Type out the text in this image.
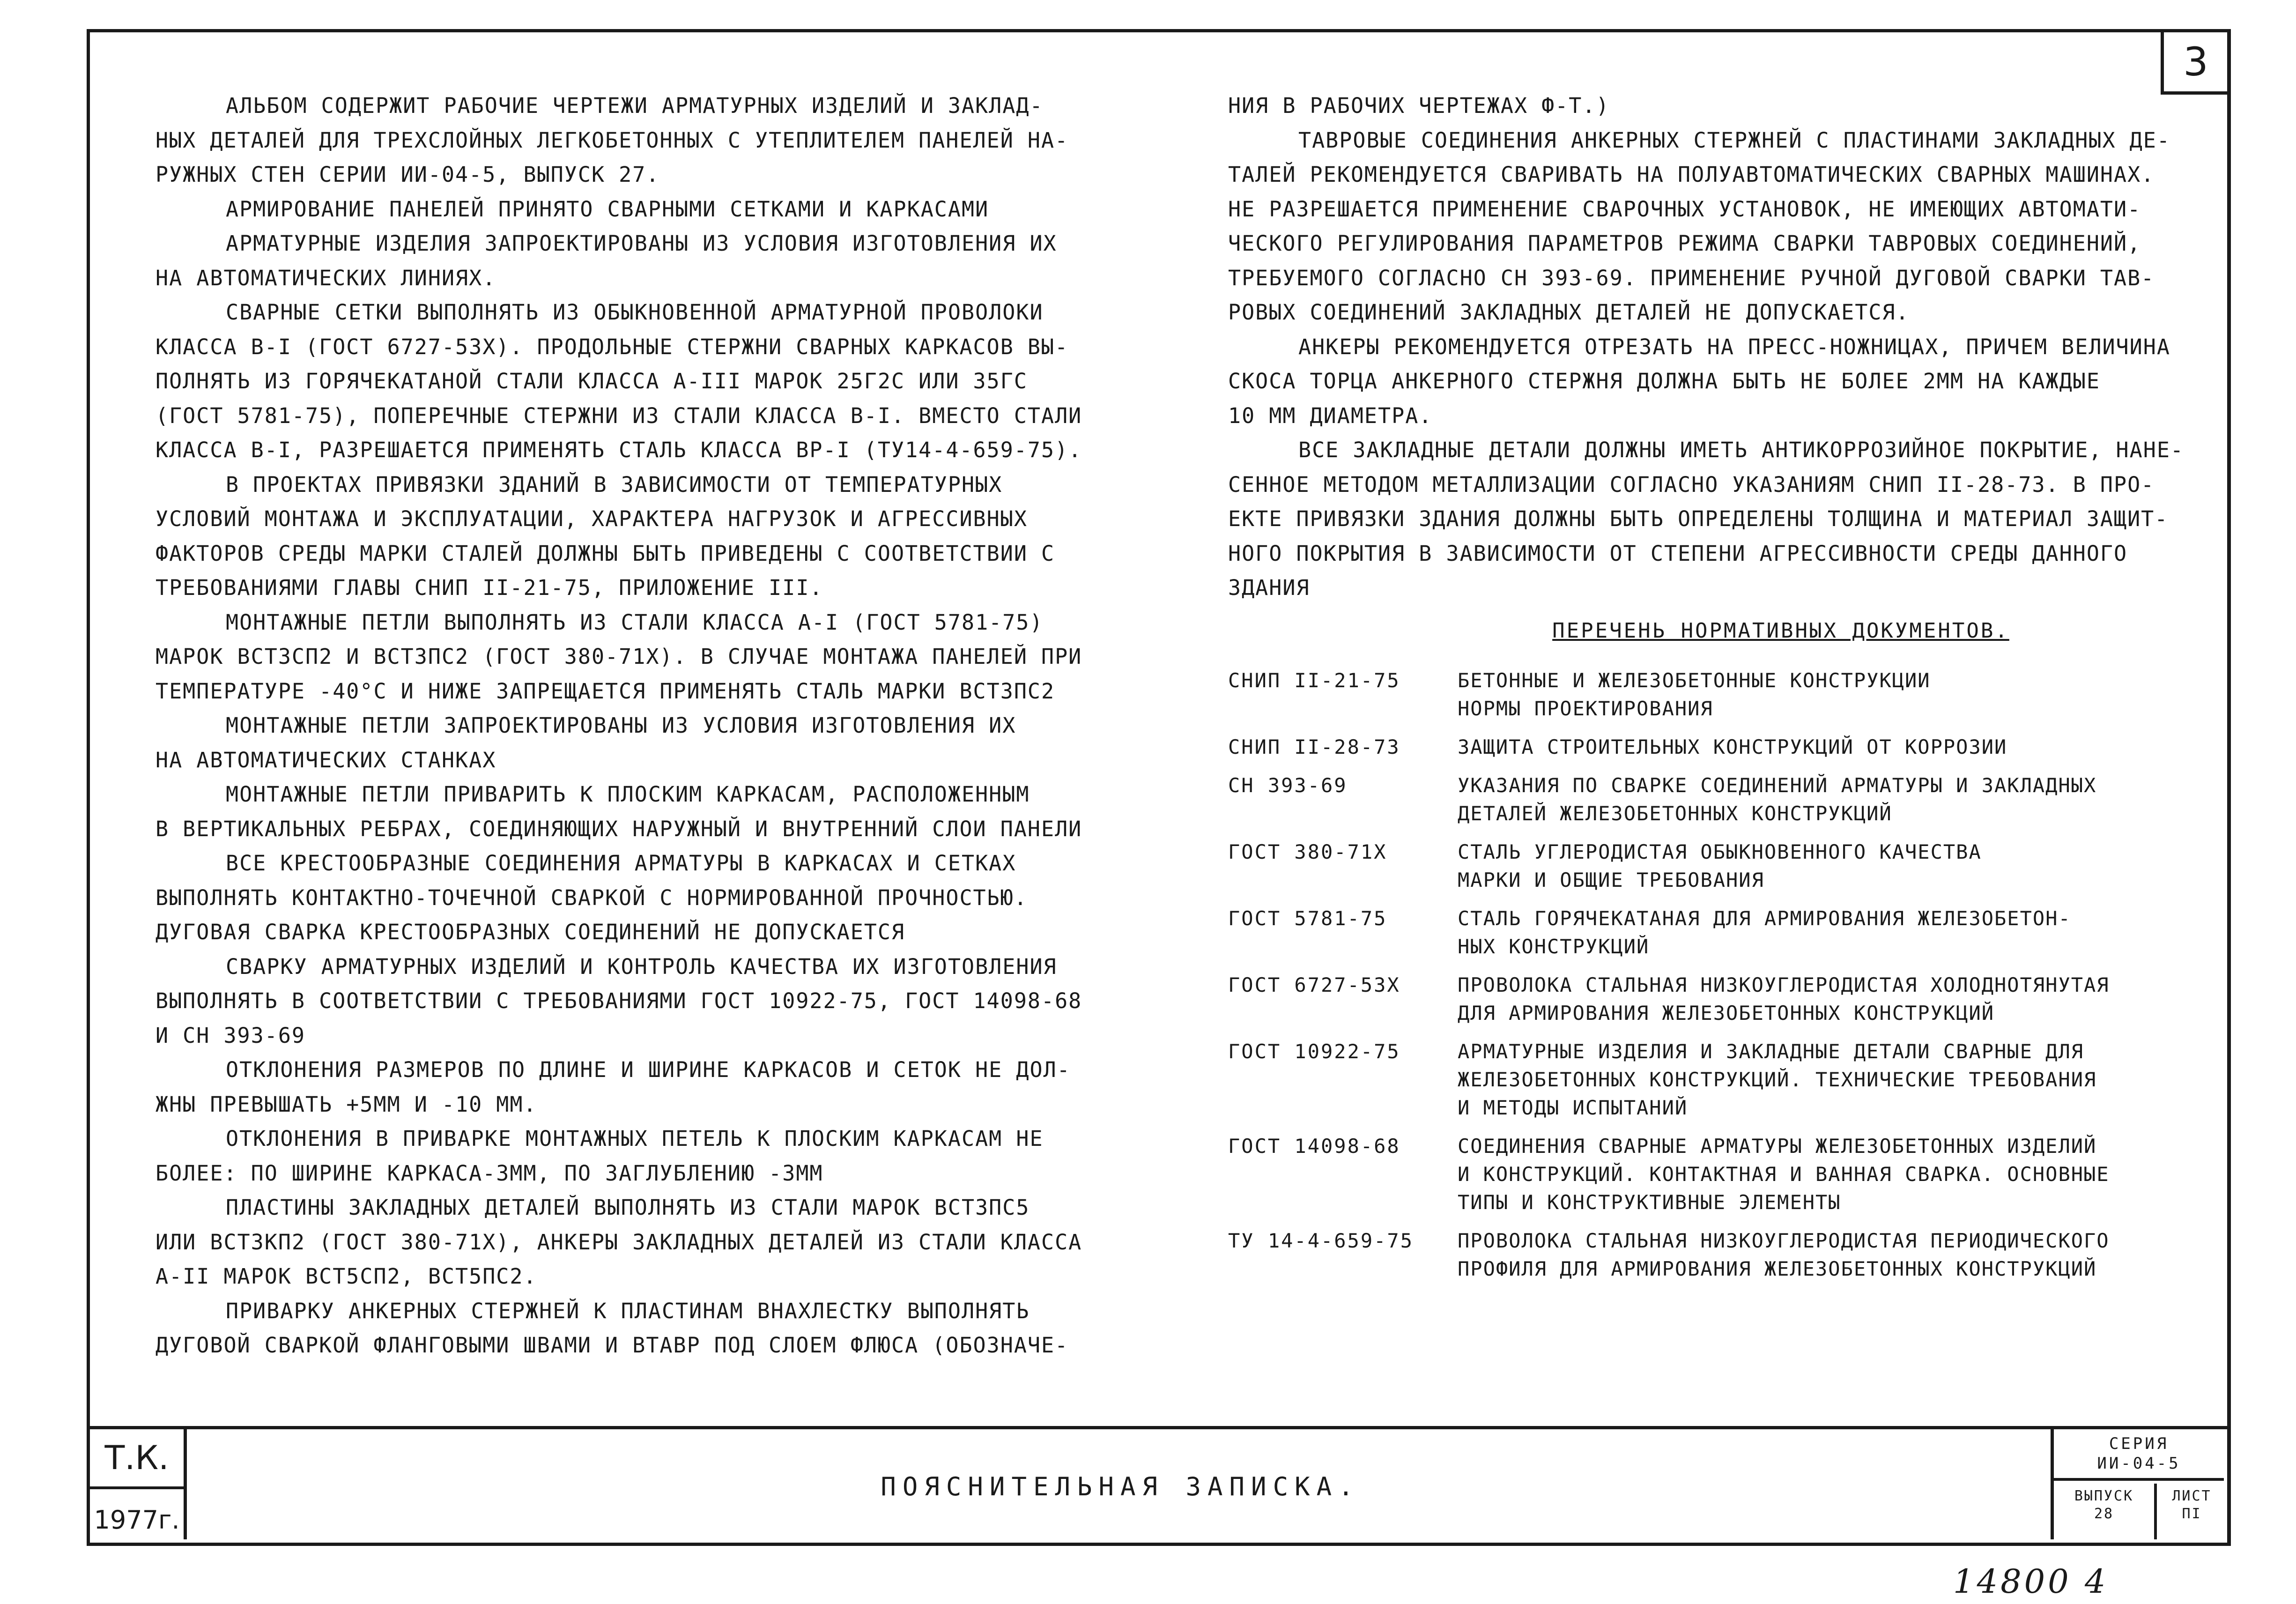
3

АЛЬБОМ СОДЕРЖИТ РАБОЧИЕ ЧЕРТЕЖИ АРМАТУРНЫХ ИЗДЕЛИЙ И ЗАКЛАД-

НЫХ ДЕТАЛЕЙ ДЛЯ ТРЕХСЛОЙНЫХ ЛЕГКОБЕТОННЫХ С УТЕПЛИТЕЛЕМ ПАНЕЛЕЙ НА-

РУЖНЫХ СТЕН СЕРИИ ИИ-04-5, ВЫПУСК 27.

АРМИРОВАНИЕ ПАНЕЛЕЙ ПРИНЯТО СВАРНЫМИ СЕТКАМИ И КАРКАСАМИ

АРМАТУРНЫЕ ИЗДЕЛИЯ ЗАПРОЕКТИРОВАНЫ ИЗ УСЛОВИЯ ИЗГОТОВЛЕНИЯ ИХ

НА АВТОМАТИЧЕСКИХ ЛИНИЯХ.

СВАРНЫЕ СЕТКИ ВЫПОЛНЯТЬ ИЗ ОБЫКНОВЕННОЙ АРМАТУРНОЙ ПРОВОЛОКИ

КЛАССА В-I (ГОСТ 6727-53Х). ПРОДОЛЬНЫЕ СТЕРЖНИ СВАРНЫХ КАРКАСОВ ВЫ-

ПОЛНЯТЬ ИЗ ГОРЯЧЕКАТАНОЙ СТАЛИ КЛАССА А-III МАРОК 25Г2С ИЛИ 35ГС

(ГОСТ 5781-75), ПОПЕРЕЧНЫЕ СТЕРЖНИ ИЗ СТАЛИ КЛАССА В-I. ВМЕСТО СТАЛИ

КЛАССА В-I, РАЗРЕШАЕТСЯ ПРИМЕНЯТЬ СТАЛЬ КЛАССА ВР-I (ТУ14-4-659-75).

В ПРОЕКТАХ ПРИВЯЗКИ ЗДАНИЙ В ЗАВИСИМОСТИ ОТ ТЕМПЕРАТУРНЫХ

УСЛОВИЙ МОНТАЖА И ЭКСПЛУАТАЦИИ, ХАРАКТЕРА НАГРУЗОК И АГРЕССИВНЫХ

ФАКТОРОВ СРЕДЫ МАРКИ СТАЛЕЙ ДОЛЖНЫ БЫТЬ ПРИВЕДЕНЫ С СООТВЕТСТВИИ С

ТРЕБОВАНИЯМИ ГЛАВЫ СНИП II-21-75, ПРИЛОЖЕНИЕ III.

МОНТАЖНЫЕ ПЕТЛИ ВЫПОЛНЯТЬ ИЗ СТАЛИ КЛАССА А-I (ГОСТ 5781-75)

МАРОК ВСТ3СП2 И ВСТ3ПС2 (ГОСТ 380-71Х). В СЛУЧАЕ МОНТАЖА ПАНЕЛЕЙ ПРИ

ТЕМПЕРАТУРЕ -40°С И НИЖЕ ЗАПРЕЩАЕТСЯ ПРИМЕНЯТЬ СТАЛЬ МАРКИ ВСТ3ПС2

МОНТАЖНЫЕ ПЕТЛИ ЗАПРОЕКТИРОВАНЫ ИЗ УСЛОВИЯ ИЗГОТОВЛЕНИЯ ИХ

НА АВТОМАТИЧЕСКИХ СТАНКАХ

МОНТАЖНЫЕ ПЕТЛИ ПРИВАРИТЬ К ПЛОСКИМ КАРКАСАМ, РАСПОЛОЖЕННЫМ

В ВЕРТИКАЛЬНЫХ РЕБРАХ, СОЕДИНЯЮЩИХ НАРУЖНЫЙ И ВНУТРЕННИЙ СЛОИ ПАНЕЛИ

ВСЕ КРЕСТООБРАЗНЫЕ СОЕДИНЕНИЯ АРМАТУРЫ В КАРКАСАХ И СЕТКАХ

ВЫПОЛНЯТЬ КОНТАКТНО-ТОЧЕЧНОЙ СВАРКОЙ С НОРМИРОВАННОЙ ПРОЧНОСТЬЮ.

ДУГОВАЯ СВАРКА КРЕСТООБРАЗНЫХ СОЕДИНЕНИЙ НЕ ДОПУСКАЕТСЯ

СВАРКУ АРМАТУРНЫХ ИЗДЕЛИЙ И КОНТРОЛЬ КАЧЕСТВА ИХ ИЗГОТОВЛЕНИЯ

ВЫПОЛНЯТЬ В СООТВЕТСТВИИ С ТРЕБОВАНИЯМИ ГОСТ 10922-75, ГОСТ 14098-68

И СН 393-69

ОТКЛОНЕНИЯ РАЗМЕРОВ ПО ДЛИНЕ И ШИРИНЕ КАРКАСОВ И СЕТОК НЕ ДОЛ-

ЖНЫ ПРЕВЫШАТЬ +5ММ И -10 ММ.

ОТКЛОНЕНИЯ В ПРИВАРКЕ МОНТАЖНЫХ ПЕТЕЛЬ К ПЛОСКИМ КАРКАСАМ НЕ

БОЛЕЕ: ПО ШИРИНЕ КАРКАСА-3ММ, ПО ЗАГЛУБЛЕНИЮ -3ММ

ПЛАСТИНЫ ЗАКЛАДНЫХ ДЕТАЛЕЙ ВЫПОЛНЯТЬ ИЗ СТАЛИ МАРОК ВСТ3ПС5

ИЛИ ВСТ3КП2 (ГОСТ 380-71Х), АНКЕРЫ ЗАКЛАДНЫХ ДЕТАЛЕЙ ИЗ СТАЛИ КЛАССА

А-II МАРОК ВСТ5СП2, ВСТ5ПС2.

ПРИВАРКУ АНКЕРНЫХ СТЕРЖНЕЙ К ПЛАСТИНАМ ВНАХЛЕСТКУ ВЫПОЛНЯТЬ

ДУГОВОЙ СВАРКОЙ ФЛАНГОВЫМИ ШВАМИ И ВТАВР ПОД СЛОЕМ ФЛЮСА (ОБОЗНАЧЕ-

НИЯ В РАБОЧИХ ЧЕРТЕЖАХ Ф-Т.)

ТАВРОВЫЕ СОЕДИНЕНИЯ АНКЕРНЫХ СТЕРЖНЕЙ С ПЛАСТИНАМИ ЗАКЛАДНЫХ ДЕ-

ТАЛЕЙ РЕКОМЕНДУЕТСЯ СВАРИВАТЬ НА ПОЛУАВТОМАТИЧЕСКИХ СВАРНЫХ МАШИНАХ.

НЕ РАЗРЕШАЕТСЯ ПРИМЕНЕНИЕ СВАРОЧНЫХ УСТАНОВОК, НЕ ИМЕЮЩИХ АВТОМАТИ-

ЧЕСКОГО РЕГУЛИРОВАНИЯ ПАРАМЕТРОВ РЕЖИМА СВАРКИ ТАВРОВЫХ СОЕДИНЕНИЙ,

ТРЕБУЕМОГО СОГЛАСНО СН 393-69. ПРИМЕНЕНИЕ РУЧНОЙ ДУГОВОЙ СВАРКИ ТАВ-

РОВЫХ СОЕДИНЕНИЙ ЗАКЛАДНЫХ ДЕТАЛЕЙ НЕ ДОПУСКАЕТСЯ.

АНКЕРЫ РЕКОМЕНДУЕТСЯ ОТРЕЗАТЬ НА ПРЕСС-НОЖНИЦАХ, ПРИЧЕМ ВЕЛИЧИНА

СКОСА ТОРЦА АНКЕРНОГО СТЕРЖНЯ ДОЛЖНА БЫТЬ НЕ БОЛЕЕ 2ММ НА КАЖДЫЕ

10 ММ ДИАМЕТРА.

ВСЕ ЗАКЛАДНЫЕ ДЕТАЛИ ДОЛЖНЫ ИМЕТЬ АНТИКОРРОЗИЙНОЕ ПОКРЫТИЕ, НАНЕ-

СЕННОЕ МЕТОДОМ МЕТАЛЛИЗАЦИИ СОГЛАСНО УКАЗАНИЯМ СНИП II-28-73. В ПРО-

ЕКТЕ ПРИВЯЗКИ ЗДАНИЯ ДОЛЖНЫ БЫТЬ ОПРЕДЕЛЕНЫ ТОЛЩИНА И МАТЕРИАЛ ЗАЩИТ-

НОГО ПОКРЫТИЯ В ЗАВИСИМОСТИ ОТ СТЕПЕНИ АГРЕССИВНОСТИ СРЕДЫ ДАННОГО

ЗДАНИЯ

ПЕРЕЧЕНЬ НОРМАТИВНЫХ ДОКУМЕНТОВ.

СНИП II-21-75	БЕТОННЫЕ И ЖЕЛЕЗОБЕТОННЫЕ КОНСТРУКЦИИ
НОРМЫ ПРОЕКТИРОВАНИЯ

СНИП II-28-73	ЗАЩИТА СТРОИТЕЛЬНЫХ КОНСТРУКЦИЙ ОТ КОРРОЗИИ

СН 393-69	УКАЗАНИЯ ПО СВАРКЕ СОЕДИНЕНИЙ АРМАТУРЫ И ЗАКЛАДНЫХ
ДЕТАЛЕЙ ЖЕЛЕЗОБЕТОННЫХ КОНСТРУКЦИЙ

ГОСТ 380-71Х	СТАЛЬ УГЛЕРОДИСТАЯ ОБЫКНОВЕННОГО КАЧЕСТВА
МАРКИ И ОБЩИЕ ТРЕБОВАНИЯ

ГОСТ 5781-75	СТАЛЬ ГОРЯЧЕКАТАНАЯ ДЛЯ АРМИРОВАНИЯ ЖЕЛЕЗОБЕТОН-
НЫХ КОНСТРУКЦИЙ

ГОСТ 6727-53Х	ПРОВОЛОКА СТАЛЬНАЯ НИЗКОУГЛЕРОДИСТАЯ ХОЛОДНОТЯНУТАЯ
ДЛЯ АРМИРОВАНИЯ ЖЕЛЕЗОБЕТОННЫХ КОНСТРУКЦИЙ

ГОСТ 10922-75	АРМАТУРНЫЕ ИЗДЕЛИЯ И ЗАКЛАДНЫЕ ДЕТАЛИ СВАРНЫЕ ДЛЯ
ЖЕЛЕЗОБЕТОННЫХ КОНСТРУКЦИЙ. ТЕХНИЧЕСКИЕ ТРЕБОВАНИЯ
И МЕТОДЫ ИСПЫТАНИЙ

ГОСТ 14098-68	СОЕДИНЕНИЯ СВАРНЫЕ АРМАТУРЫ ЖЕЛЕЗОБЕТОННЫХ ИЗДЕЛИЙ
И КОНСТРУКЦИЙ. КОНТАКТНАЯ И ВАННАЯ СВАРКА. ОСНОВНЫЕ
ТИПЫ И КОНСТРУКТИВНЫЕ ЭЛЕМЕНТЫ

ТУ 14-4-659-75	ПРОВОЛОКА СТАЛЬНАЯ НИЗКОУГЛЕРОДИСТАЯ ПЕРИОДИЧЕСКОГО
ПРОФИЛЯ ДЛЯ АРМИРОВАНИЯ ЖЕЛЕЗОБЕТОННЫХ КОНСТРУКЦИЙ
Т.К.
1977г.
ПОЯСНИТЕЛЬНАЯ ЗАПИСКА.
СЕРИЯ
ИИ-04-5
ВЫПУСК
28
ЛИСТ
ПI
14800 4
